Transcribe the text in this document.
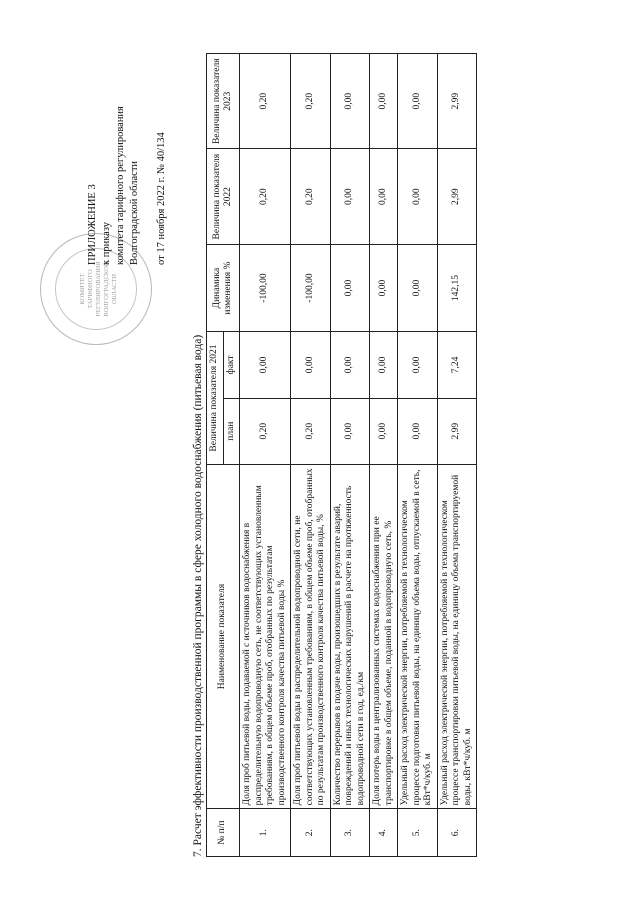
КОМИТЕТ ТАРИФНОГО РЕГУЛИРОВАНИЯ ВОЛГОГРАДСКОЙ ОБЛАСТИ
ПРИЛОЖЕНИЕ 3 к приказу комитета тарифного регулирования Волгоградской области от 17 ноября 2022 г. № 40/134
7. Расчет эффективности производственной программы в сфере холодного водоснабжения (питьевая вода) № п/п	Наименование показателя	Величина показателя 2021		Динамика изменения %	Величина показателя 2022	Величина показателя 2023
		план	факт			
1.	Доля проб питьевой воды, подаваемой с источников водоснабжения в распределительную водопроводную сеть, не соответствующих установленным требованиям, в общем объеме проб, отобранных по результатам производственного контроля качества питьевой воды %	0,20	0,00	-100,00	0,20	0,20
2.	Доля проб питьевой воды в распределительной водопроводной сети, не соответствующих установленным требованиям, в общем объеме проб, отобранных по результатам производственного контроля качества питьевой воды, %	0,20	0,00	-100,00	0,20	0,20
3.	Количество перерывов в подаче воды, произошедших в результате аварий, повреждений и иных технологических нарушений в расчете на протяженность водопроводной сети в год, ед./км	0,00	0,00	0,00	0,00	0,00
4.	Доля потерь воды в централизованных системах водоснабжения при ее транспортировке в общем объеме, поданной в водопроводную сеть, %	0,00	0,00	0,00	0,00	0,00
5.	Удельный расход электрической энергии, потребляемой в технологическом процессе подготовки питьевой воды, на единицу объема воды, отпускаемой в сеть, кВт*ч/куб. м	0,00	0,00	0,00	0,00	0,00
6.	Удельный расход электрической энергии, потребляемой в технологическом процессе транспортировки питьевой воды, на единицу объема транспортируемой воды, кВт*ч/куб. м	2,99	7,24	142,15	2,99	2,99
